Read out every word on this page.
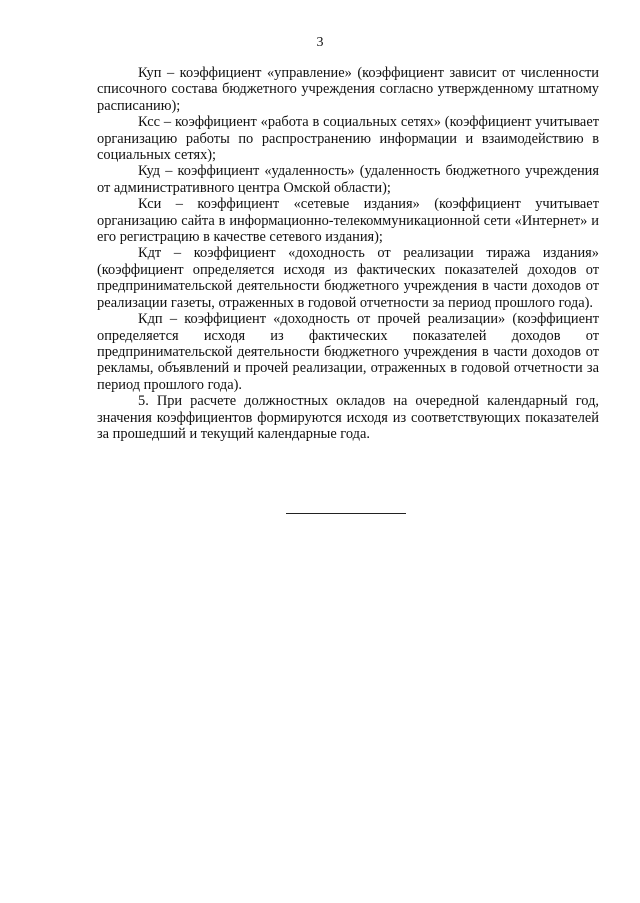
3

Куп – коэффициент «управление» (коэффициент зависит от численности списочного состава бюджетного учреждения согласно утвержденному штатному расписанию);

Ксс – коэффициент «работа в социальных сетях» (коэффициент учитывает организацию работы по распространению информации и взаимодействию в социальных сетях);

Куд – коэффициент «удаленность» (удаленность бюджетного учреждения от административного центра Омской области);

Кси – коэффициент «сетевые издания» (коэффициент учитывает организацию сайта в информационно-телекоммуникационной сети «Интернет» и его регистрацию в качестве сетевого издания);

Кдт – коэффициент «доходность от реализации тиража издания» (коэффициент определяется исходя из фактических показателей доходов от предпринимательской деятельности бюджетного учреждения в части доходов от реализации газеты, отраженных в годовой отчетности за период прошлого года).

Кдп – коэффициент «доходность от прочей реализации» (коэффициент определяется исходя из фактических показателей доходов от предпринимательской деятельности бюджетного учреждения в части доходов от рекламы, объявлений и прочей реализации, отраженных в годовой отчетности за период прошлого года).

5. При расчете должностных окладов на очередной календарный год, значения коэффициентов формируются исходя из соответствующих показателей за прошедший и текущий календарные года.
